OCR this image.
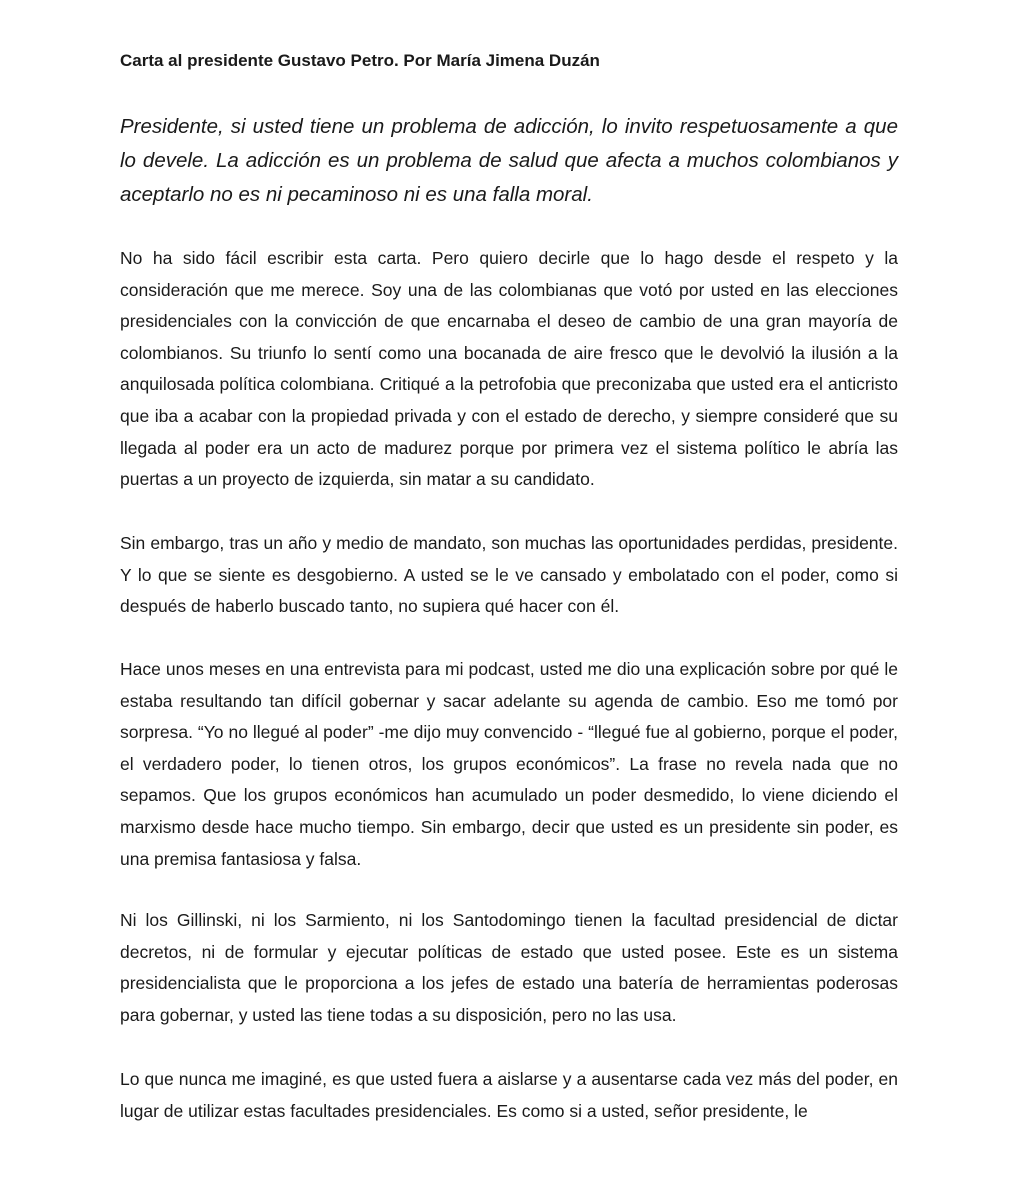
Carta al presidente Gustavo Petro. Por María Jimena Duzán

Presidente, si usted tiene un problema de adicción, lo invito respetuosamente a que lo devele. La adicción es un problema de salud que afecta a muchos colombianos y aceptarlo no es ni pecaminoso ni es una falla moral.

No ha sido fácil escribir esta carta. Pero quiero decirle que lo hago desde el respeto y la consideración que me merece. Soy una de las colombianas que votó por usted en las elecciones presidenciales con la convicción de que encarnaba el deseo de cambio de una gran mayoría de colombianos. Su triunfo lo sentí como una bocanada de aire fresco que le devolvió la ilusión a la anquilosada política colombiana. Critiqué a la petrofobia que preconizaba que usted era el anticristo que iba a acabar con la propiedad privada y con el estado de derecho, y siempre consideré que su llegada al poder era un acto de madurez porque por primera vez el sistema político le abría las puertas a un proyecto de izquierda, sin matar a su candidato.

Sin embargo, tras un año y medio de mandato, son muchas las oportunidades perdidas, presidente. Y lo que se siente es desgobierno. A usted se le ve cansado y embolatado con el poder, como si después de haberlo buscado tanto, no supiera qué hacer con él.

Hace unos meses en una entrevista para mi podcast, usted me dio una explicación sobre por qué le estaba resultando tan difícil gobernar y sacar adelante su agenda de cambio. Eso me tomó por sorpresa. “Yo no llegué al poder” -me dijo muy convencido - “llegué fue al gobierno, porque el poder, el verdadero poder, lo tienen otros, los grupos económicos”. La frase no revela nada que no sepamos. Que los grupos económicos han acumulado un poder desmedido, lo viene diciendo el marxismo desde hace mucho tiempo. Sin embargo, decir que usted es un presidente sin poder, es una premisa fantasiosa y falsa.

Ni los Gillinski, ni los Sarmiento, ni los Santodomingo tienen la facultad presidencial de dictar decretos, ni de formular y ejecutar políticas de estado que usted posee. Este es un sistema presidencialista que le proporciona a los jefes de estado una batería de herramientas poderosas para gobernar, y usted las tiene todas a su disposición, pero no las usa.

Lo que nunca me imaginé, es que usted fuera a aislarse y a ausentarse cada vez más del poder, en lugar de utilizar estas facultades presidenciales. Es como si a usted, señor presidente, le
